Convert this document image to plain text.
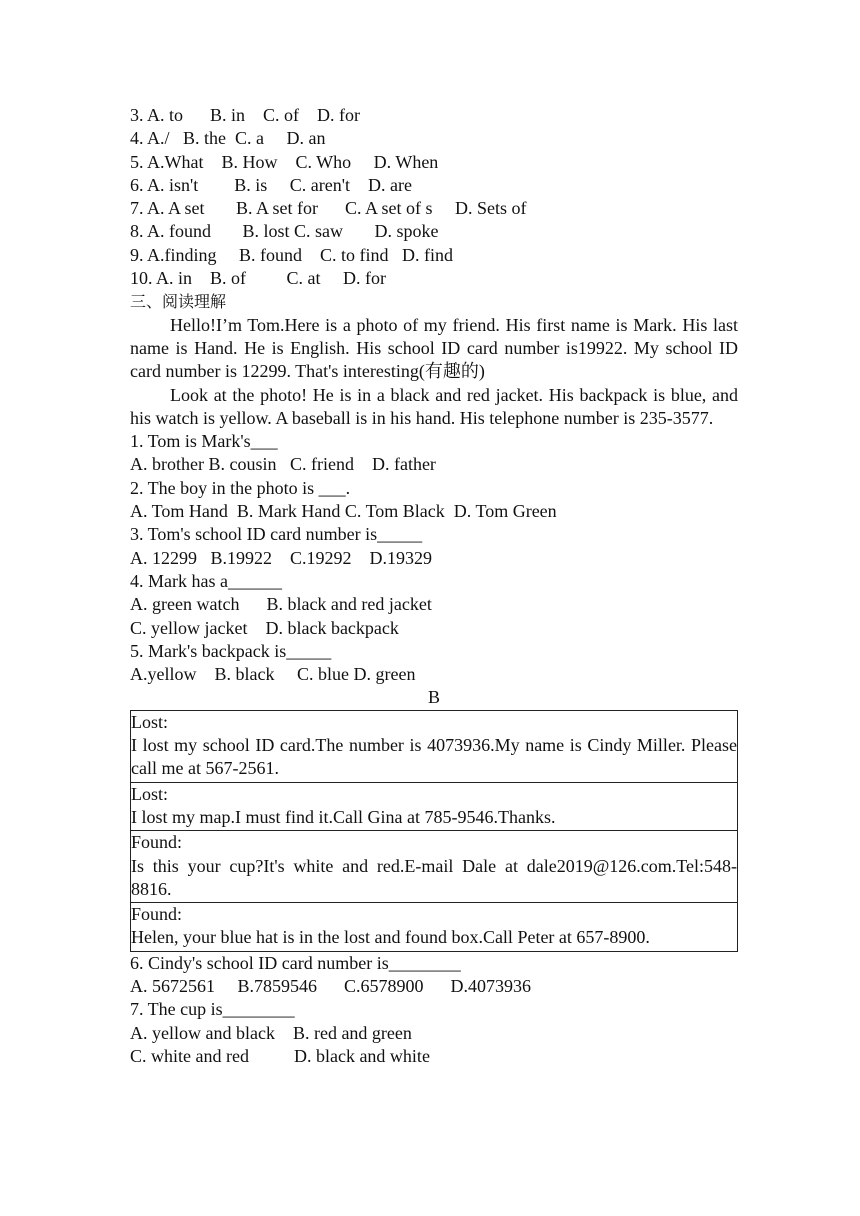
3. A. to      B. in    C. of    D. for

4. A./   B. the  C. a     D. an

5. A.What    B. How    C. Who     D. When

6. A. isn't        B. is     C. aren't    D. are

7. A. A set       B. A set for      C. A set of s     D. Sets of

8. A. found       B. lost C. saw       D. spoke

9. A.finding     B. found    C. to find   D. find

10. A. in    B. of         C. at     D. for

三、阅读理解

Hello!I’m Tom.Here is a photo of my friend. His first name is Mark. His last name is Hand. He is English. His school ID card number is19922. My school ID card number is 12299. That's interesting(有趣的)

Look at the photo! He is in a black and red jacket. His backpack is blue, and his watch is yellow. A baseball is in his hand. His telephone number is 235-3577.

1. Tom is Mark's___

A. brother B. cousin   C. friend    D. father

2. The boy in the photo is ___.

A. Tom Hand  B. Mark Hand C. Tom Black  D. Tom Green

3. Tom's school ID card number is_____

A. 12299   B.19922    C.19292    D.19329

4. Mark has a______

A. green watch      B. black and red jacket

C. yellow jacket    D. black backpack

5. Mark's backpack is_____

A.yellow    B. black     C. blue D. green

B

Lost:

I lost my school ID card.The number is 4073936.My name is Cindy Miller. Please call me at 567-2561.

Lost:

I lost my map.I must find it.Call Gina at 785-9546.Thanks.

Found:

Is this your cup?It's white and red.E-mail Dale at dale2019@126.com.Tel:548-8816.

Found:

Helen, your blue hat is in the lost and found box.Call Peter at 657-8900.

6. Cindy's school ID card number is________

A. 5672561     B.7859546      C.6578900      D.4073936

7. The cup is________

A. yellow and black    B. red and green

C. white and red          D. black and white
